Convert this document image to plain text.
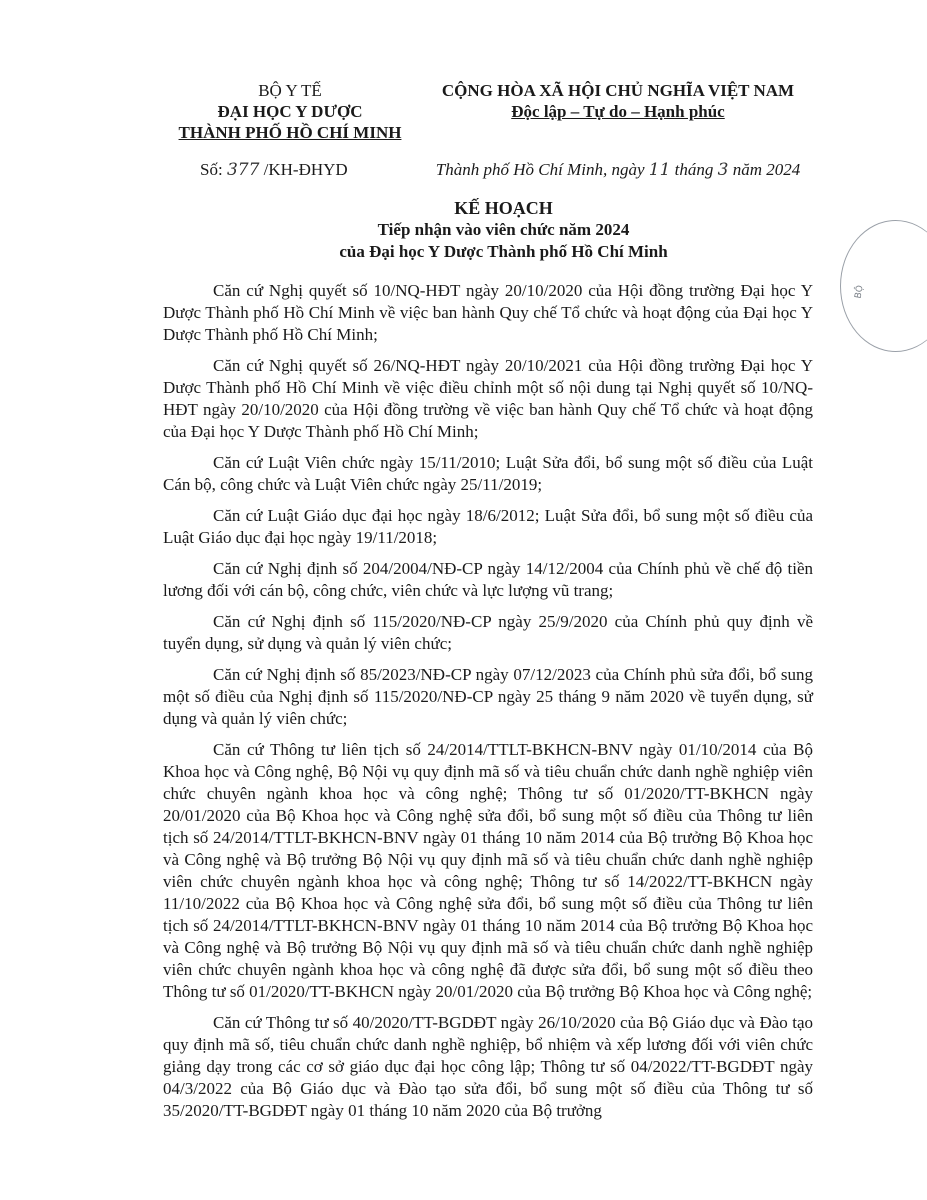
BỘ Y TẾ
ĐẠI HỌC Y DƯỢC
THÀNH PHỐ HỒ CHÍ MINH
CỘNG HÒA XÃ HỘI CHỦ NGHĨA VIỆT NAM
Độc lập – Tự do – Hạnh phúc
Số: 377 /KH-ĐHYD	Thành phố Hồ Chí Minh, ngày 11 tháng 3 năm 2024
KẾ HOẠCH
Tiếp nhận vào viên chức năm 2024
của Đại học Y Dược Thành phố Hồ Chí Minh
BỘ

Căn cứ Nghị quyết số 10/NQ-HĐT ngày 20/10/2020 của Hội đồng trường Đại học Y Dược Thành phố Hồ Chí Minh về việc ban hành Quy chế Tổ chức và hoạt động của Đại học Y Dược Thành phố Hồ Chí Minh;

Căn cứ Nghị quyết số 26/NQ-HĐT ngày 20/10/2021 của Hội đồng trường Đại học Y Dược Thành phố Hồ Chí Minh về việc điều chỉnh một số nội dung tại Nghị quyết số 10/NQ-HĐT ngày 20/10/2020 của Hội đồng trường về việc ban hành Quy chế Tổ chức và hoạt động của Đại học Y Dược Thành phố Hồ Chí Minh;

Căn cứ Luật Viên chức ngày 15/11/2010; Luật Sửa đổi, bổ sung một số điều của Luật Cán bộ, công chức và Luật Viên chức ngày 25/11/2019;

Căn cứ Luật Giáo dục đại học ngày 18/6/2012; Luật Sửa đổi, bổ sung một số điều của Luật Giáo dục đại học ngày 19/11/2018;

Căn cứ Nghị định số 204/2004/NĐ-CP ngày 14/12/2004 của Chính phủ về chế độ tiền lương đối với cán bộ, công chức, viên chức và lực lượng vũ trang;

Căn cứ Nghị định số 115/2020/NĐ-CP ngày 25/9/2020 của Chính phủ quy định về tuyển dụng, sử dụng và quản lý viên chức;

Căn cứ Nghị định số 85/2023/NĐ-CP ngày 07/12/2023 của Chính phủ sửa đổi, bổ sung một số điều của Nghị định số 115/2020/NĐ-CP ngày 25 tháng 9 năm 2020 về tuyển dụng, sử dụng và quản lý viên chức;

Căn cứ Thông tư liên tịch số 24/2014/TTLT-BKHCN-BNV ngày 01/10/2014 của Bộ Khoa học và Công nghệ, Bộ Nội vụ quy định mã số và tiêu chuẩn chức danh nghề nghiệp viên chức chuyên ngành khoa học và công nghệ; Thông tư số 01/2020/TT-BKHCN ngày 20/01/2020 của Bộ Khoa học và Công nghệ sửa đổi, bổ sung một số điều của Thông tư liên tịch số 24/2014/TTLT-BKHCN-BNV ngày 01 tháng 10 năm 2014 của Bộ trưởng Bộ Khoa học và Công nghệ và Bộ trưởng Bộ Nội vụ quy định mã số và tiêu chuẩn chức danh nghề nghiệp viên chức chuyên ngành khoa học và công nghệ; Thông tư số 14/2022/TT-BKHCN ngày 11/10/2022 của Bộ Khoa học và Công nghệ sửa đổi, bổ sung một số điều của Thông tư liên tịch số 24/2014/TTLT-BKHCN-BNV ngày 01 tháng 10 năm 2014 của Bộ trưởng Bộ Khoa học và Công nghệ và Bộ trưởng Bộ Nội vụ quy định mã số và tiêu chuẩn chức danh nghề nghiệp viên chức chuyên ngành khoa học và công nghệ đã được sửa đổi, bổ sung một số điều theo Thông tư số 01/2020/TT-BKHCN ngày 20/01/2020 của Bộ trưởng Bộ Khoa học và Công nghệ;

Căn cứ Thông tư số 40/2020/TT-BGDĐT ngày 26/10/2020 của Bộ Giáo dục và Đào tạo quy định mã số, tiêu chuẩn chức danh nghề nghiệp, bổ nhiệm và xếp lương đối với viên chức giảng dạy trong các cơ sở giáo dục đại học công lập; Thông tư số 04/2022/TT-BGDĐT ngày 04/3/2022 của Bộ Giáo dục và Đào tạo sửa đổi, bổ sung một số điều của Thông tư số 35/2020/TT-BGDĐT ngày 01 tháng 10 năm 2020 của Bộ trưởng
